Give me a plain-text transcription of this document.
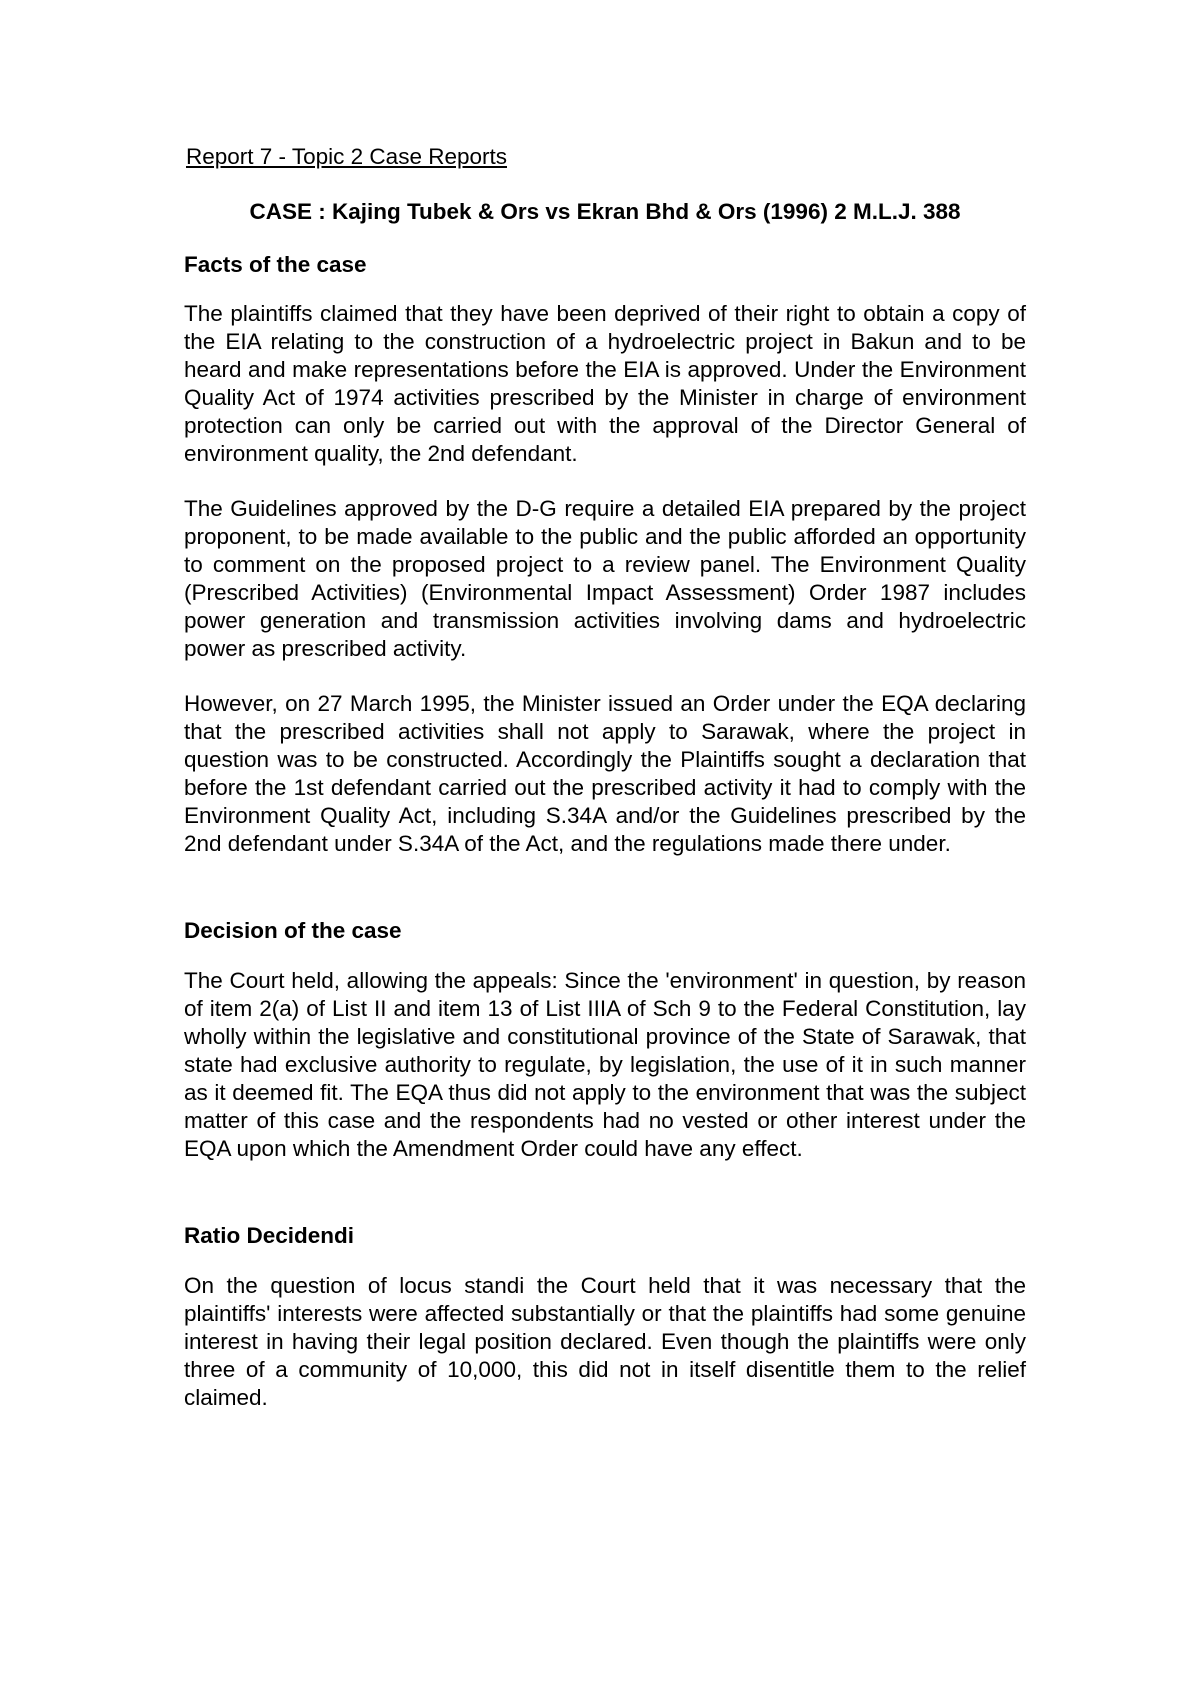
Report 7 - Topic 2 Case Reports
CASE : Kajing Tubek & Ors vs Ekran Bhd & Ors (1996) 2 M.L.J. 388
Facts of the case

The plaintiffs claimed that they have been deprived of their right to obtain a copy of the EIA relating to the construction of a hydroelectric project in Bakun and to be heard and make representations before the EIA is approved. Under the Environment Quality Act of 1974 activities prescribed by the Minister in charge of environment protection can only be carried out with the approval of the Director General of environment quality, the 2nd defendant.

The Guidelines approved by the D-G require a detailed EIA prepared by the project proponent, to be made available to the public and the public afforded an opportunity to comment on the proposed project to a review panel. The Environment Quality (Prescribed Activities) (Environmental Impact Assessment) Order 1987 includes power generation and transmission activities involving dams and hydroelectric power as prescribed activity.

However, on 27 March 1995, the Minister issued an Order under the EQA declaring that the prescribed activities shall not apply to Sarawak, where the project in question was to be constructed. Accordingly the Plaintiffs sought a declaration that before the 1st defendant carried out the prescribed activity it had to comply with the Environment Quality Act, including S.34A and/or the Guidelines prescribed by the 2nd defendant under S.34A of the Act, and the regulations made there under.

Decision of the case

The Court held, allowing the appeals: Since the 'environment' in question, by reason of item 2(a) of List II and item 13 of List IIIA of Sch 9 to the Federal Constitution, lay wholly within the legislative and constitutional province of the State of Sarawak, that state had exclusive authority to regulate, by legislation, the use of it in such manner as it deemed fit. The EQA thus did not apply to the environment that was the subject matter of this case and the respondents had no vested or other interest under the EQA upon which the Amendment Order could have any effect.

Ratio Decidendi

On the question of locus standi the Court held that it was necessary that the plaintiffs' interests were affected substantially or that the plaintiffs had some genuine interest in having their legal position declared. Even though the plaintiffs were only three of a community of 10,000, this did not in itself disentitle them to the relief claimed.
